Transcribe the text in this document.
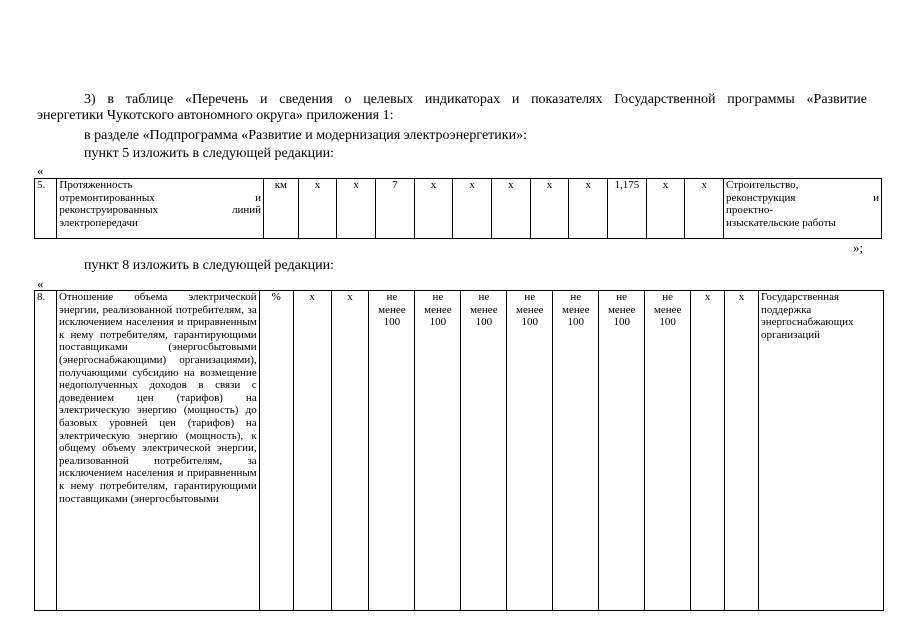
3) в таблице «Перечень и сведения о целевых индикаторах и показателях Государственной программы «Развитие
энергетики Чукотского автономного округа» приложения 1:
в разделе «Подпрограмма «Развитие и модернизация электроэнергетики»:
пункт 5 изложить в следующей редакции:
«
5.	Протяженность
отремонтированных и
реконструированных линий
электропередачи
	км	х	х	7	х	х	х	х	х	1,175	х	х	Строительство,
реконструкция и
проектно-
изыскательские работы
»;
пункт 8 изложить в следующей редакции:
«
8.	Отношение объема электрической энергии, реализованной потребителям, за исключением населения и приравненным к нему потребителям, гарантирующими поставщиками (энергосбытовыми (энергоснабжающими) организациями), получающими субсидию на возмещение недополученных доходов в связи с доведением цен (тарифов) на электрическую энергию (мощность) до базовых уровней цен (тарифов) на электрическую энергию (мощность), к общему объему электрической энергии, реализованной потребителям, за исключением населения и приравненным к нему потребителям, гарантирующими поставщиками (энергосбытовыми	%	х	х	не менее 100	не менее 100	не менее 100	не менее 100	не менее 100	не менее 100	не менее 100	х	х	Государственная поддержка энергоснабжающих организаций
